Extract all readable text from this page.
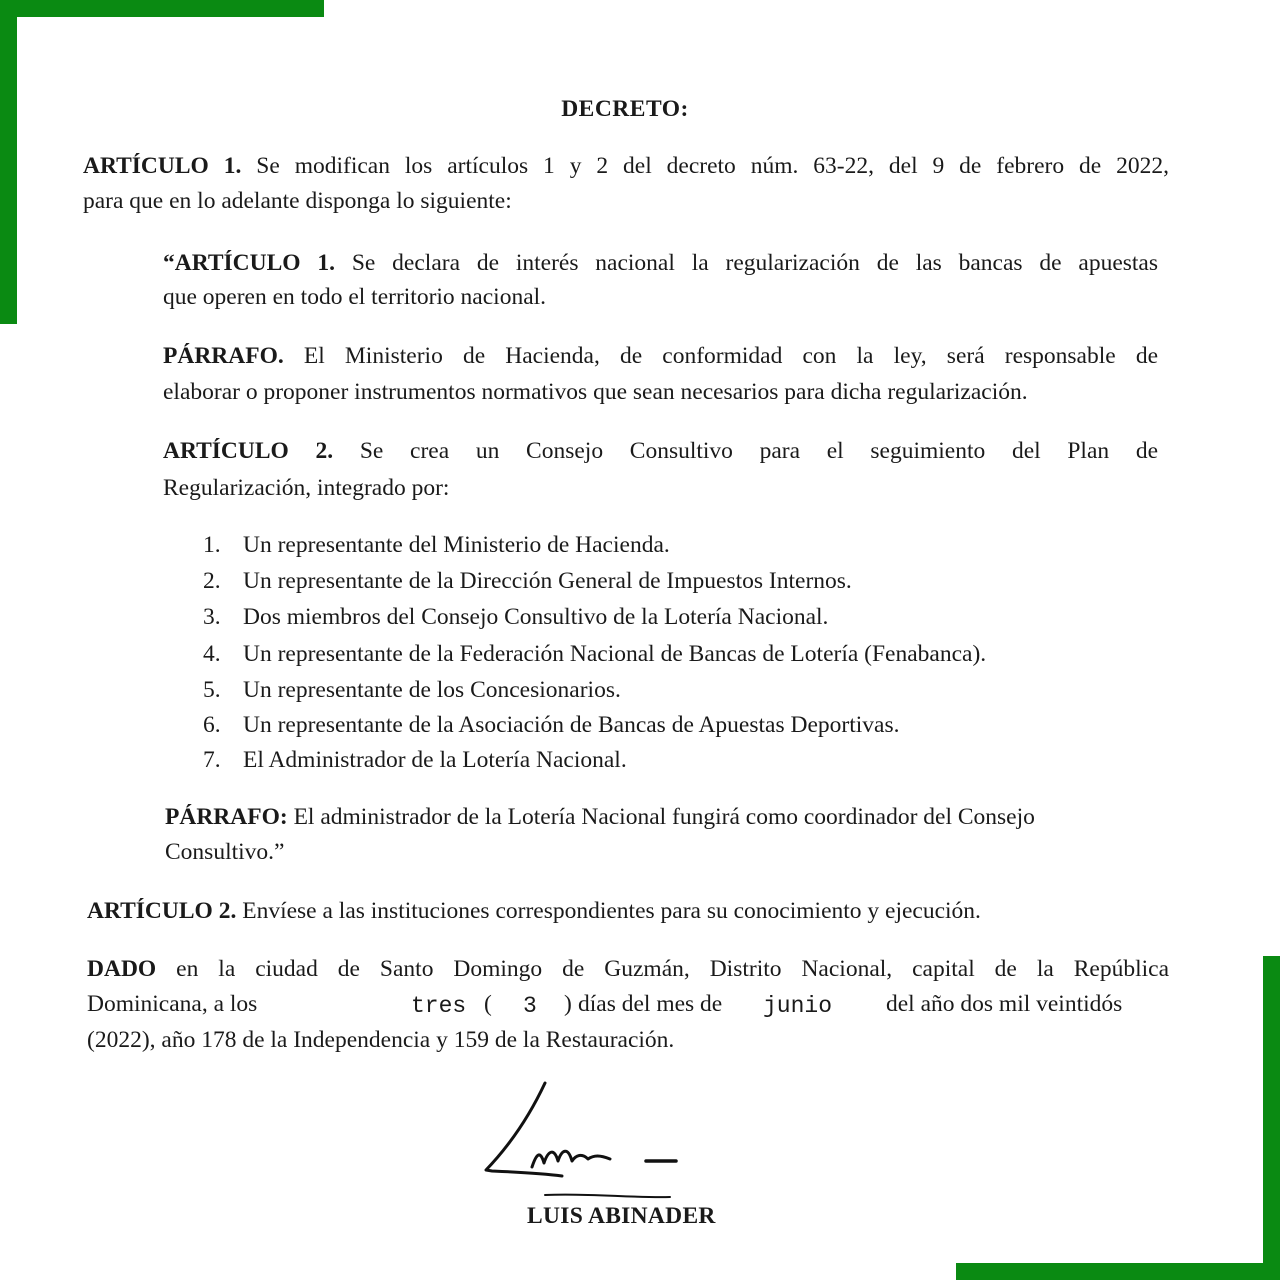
DECRETO:
ARTÍCULO 1. Se modifican los artículos 1 y 2 del decreto núm. 63-22, del 9 de febrero de 2022,
para que en lo adelante disponga lo siguiente:
“ARTÍCULO 1. Se declara de interés nacional la regularización de las bancas de apuestas
que operen en todo el territorio nacional.
PÁRRAFO. El Ministerio de Hacienda, de conformidad con la ley, será responsable de
elaborar o proponer instrumentos normativos que sean necesarios para dicha regularización.
ARTÍCULO 2. Se crea un Consejo Consultivo para el seguimiento del Plan de
Regularización, integrado por:
1. Un representante del Ministerio de Hacienda.
2. Un representante de la Dirección General de Impuestos Internos.
3. Dos miembros del Consejo Consultivo de la Lotería Nacional.
4. Un representante de la Federación Nacional de Bancas de Lotería (Fenabanca).
5. Un representante de los Concesionarios.
6. Un representante de la Asociación de Bancas de Apuestas Deportivas.
7. El Administrador de la Lotería Nacional.
PÁRRAFO: El administrador de la Lotería Nacional fungirá como coordinador del Consejo
Consultivo.”
ARTÍCULO 2. Envíese a las instituciones correspondientes para su conocimiento y ejecución.
DADO en la ciudad de Santo Domingo de Guzmán, Distrito Nacional, capital de la República
Dominicana, a los	tres ( 3 ) días del mes de junio del año dos mil veintidós
(2022), año 178 de la Independencia y 159 de la Restauración.
LUIS ABINADER
